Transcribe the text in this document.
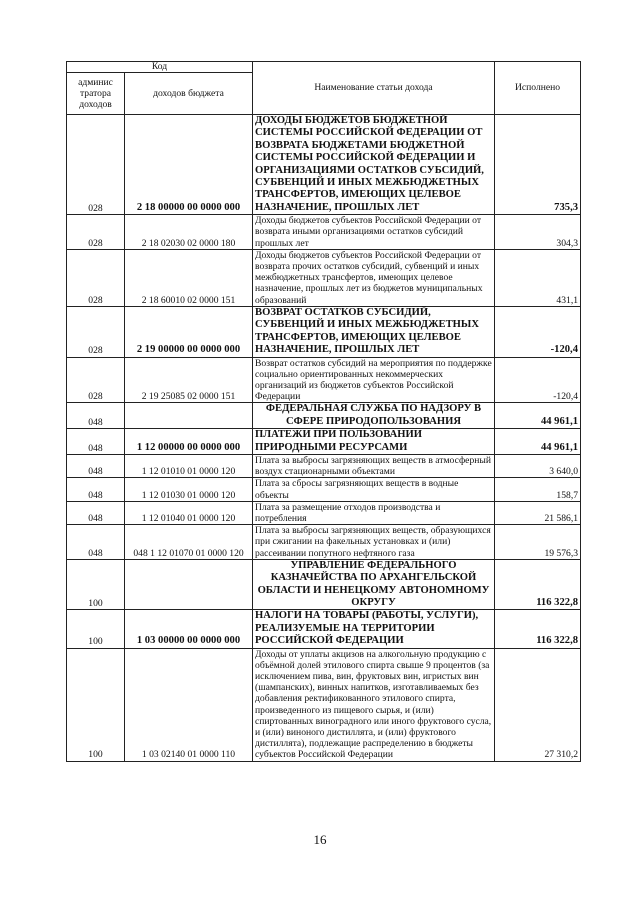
Код		Наименование статьи дохода	Исполнено
админис тратора доходов	доходов бюджета		
028	2 18 00000 00 0000 000	ДОХОДЫ БЮДЖЕТОВ БЮДЖЕТНОЙ СИСТЕМЫ РОССИЙСКОЙ ФЕДЕРАЦИИ ОТ ВОЗВРАТА БЮДЖЕТАМИ БЮДЖЕТНОЙ СИСТЕМЫ РОССИЙСКОЙ ФЕДЕРАЦИИ И ОРГАНИЗАЦИЯМИ ОСТАТКОВ СУБСИДИЙ, СУБВЕНЦИЙ И ИНЫХ МЕЖБЮДЖЕТНЫХ ТРАНСФЕРТОВ, ИМЕЮЩИХ ЦЕЛЕВОЕ НАЗНАЧЕНИЕ, ПРОШЛЫХ ЛЕТ	735,3
028	2 18 02030 02 0000 180	Доходы бюджетов субъектов Российской Федерации от возврата иными организациями остатков субсидий прошлых лет	304,3
028	2 18 60010 02 0000 151	Доходы бюджетов субъектов Российской Федерации от возврата прочих остатков субсидий, субвенций и иных межбюджетных трансфертов, имеющих целевое назначение, прошлых лет из бюджетов муниципальных образований	431,1
028	2 19 00000 00 0000 000	ВОЗВРАТ ОСТАТКОВ СУБСИДИЙ, СУБВЕНЦИЙ И ИНЫХ МЕЖБЮДЖЕТНЫХ ТРАНСФЕРТОВ, ИМЕЮЩИХ ЦЕЛЕВОЕ НАЗНАЧЕНИЕ, ПРОШЛЫХ ЛЕТ	-120,4
028	2 19 25085 02 0000 151	Возврат остатков субсидий на мероприятия по поддержке социально ориентированных некоммерческих организаций из бюджетов субъектов Российской Федерации	-120,4
048		ФЕДЕРАЛЬНАЯ СЛУЖБА ПО НАДЗОРУ В СФЕРЕ ПРИРОДОПОЛЬЗОВАНИЯ	44 961,1
048	1 12 00000 00 0000 000	ПЛАТЕЖИ ПРИ ПОЛЬЗОВАНИИ ПРИРОДНЫМИ РЕСУРСАМИ	44 961,1
048	1 12 01010 01 0000 120	Плата за выбросы загрязняющих веществ в атмосферный воздух стационарными объектами	3 640,0
048	1 12 01030 01 0000 120	Плата за сбросы загрязняющих веществ в водные объекты	158,7
048	1 12 01040 01 0000 120	Плата за размещение отходов производства и потребления	21 586,1
048	048 1 12 01070 01 0000 120	Плата за выбросы загрязняющих веществ, образующихся при сжигании на факельных установках и (или) рассеивании попутного нефтяного газа	19 576,3
100		УПРАВЛЕНИЕ ФЕДЕРАЛЬНОГО КАЗНАЧЕЙСТВА ПО АРХАНГЕЛЬСКОЙ ОБЛАСТИ И НЕНЕЦКОМУ АВТОНОМНОМУ ОКРУГУ	116 322,8
100	1 03 00000 00 0000 000	НАЛОГИ НА ТОВАРЫ (РАБОТЫ, УСЛУГИ), РЕАЛИЗУЕМЫЕ НА ТЕРРИТОРИИ РОССИЙСКОЙ ФЕДЕРАЦИИ	116 322,8
100	1 03 02140 01 0000 110	Доходы от уплаты акцизов на алкогольную продукцию с объёмной долей этилового спирта свыше 9 процентов (за исключением пива, вин, фруктовых вин, игристых вин (шампанских), винных напитков, изготавливаемых без добавления ректификованного этилового спирта, произведенного из пищевого сырья, и (или) спиртованных виноградного или иного фруктового сусла, и (или) виноного дистиллята, и (или) фруктового дистиллята), подлежащие распределению в бюджеты субъектов Российской Федерации	27 310,2
16
